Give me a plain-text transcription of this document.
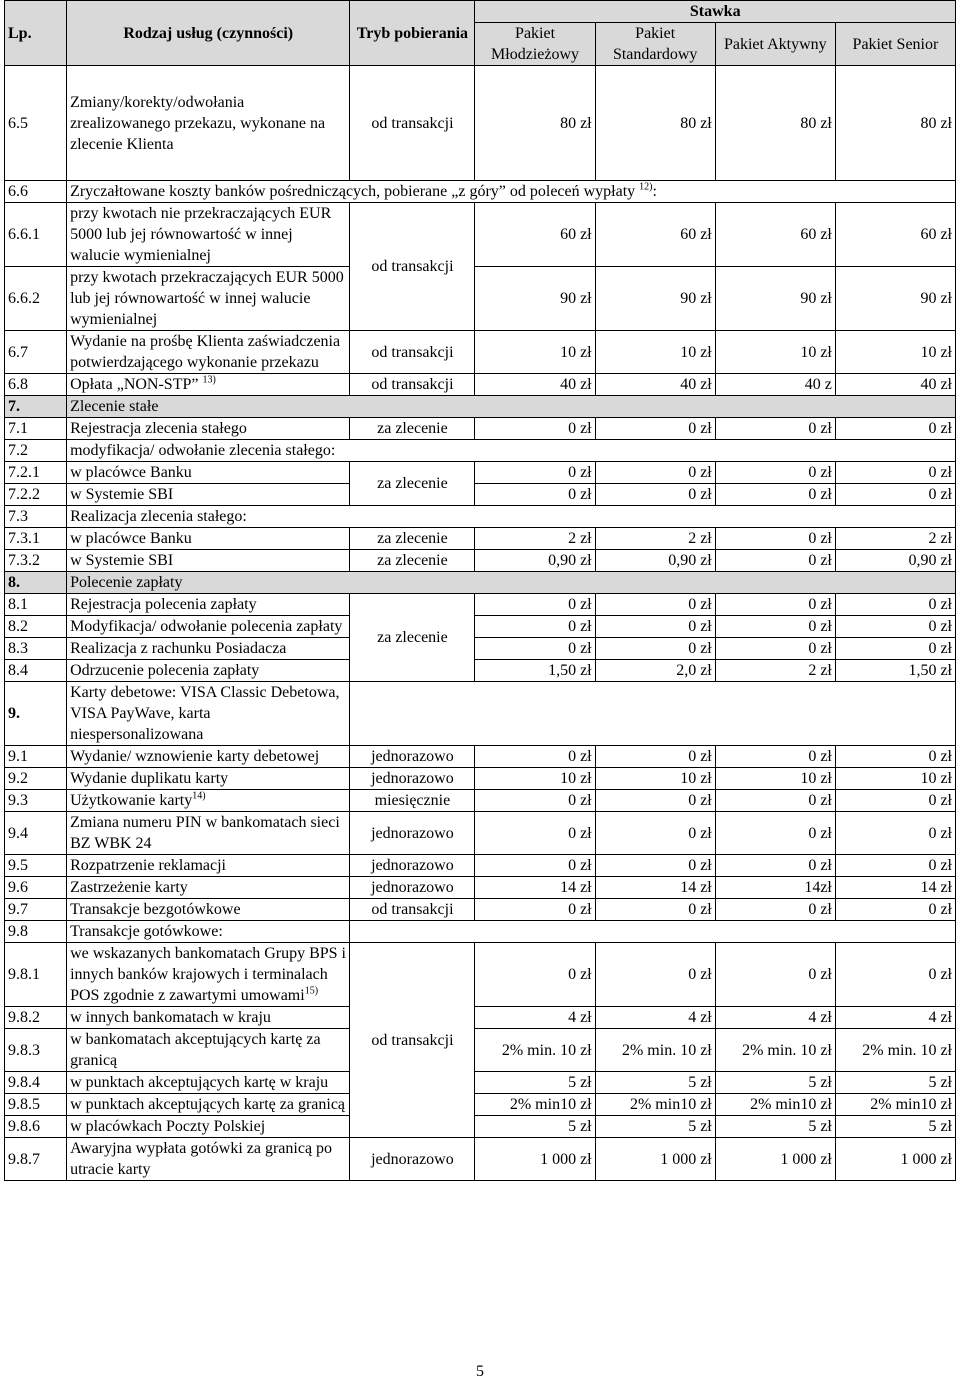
Lp.	Rodzaj usług (czynności)	Tryb pobierania	Stawka			
			Pakiet Młodzieżowy	Pakiet Standardowy	Pakiet Aktywny	Pakiet Senior
6.5	Zmiany/korekty/odwołania zrealizowanego przekazu, wykonane na zlecenie Klienta	od transakcji	80 zł	80 zł	80 zł	80 zł
6.6	Zryczałtowane koszty banków pośredniczących, pobierane „z góry” od poleceń wypłaty $^{12)}$:					
6.6.1	przy kwotach nie przekraczających EUR 5000 lub jej równowartość w innej walucie wymienialnej	od transakcji	60 zł	60 zł	60 zł	60 zł
6.6.2	przy kwotach przekraczających EUR 5000 lub jej równowartość w innej walucie wymienialnej		90 zł	90 zł	90 zł	90 zł
6.7	Wydanie na prośbę Klienta zaświadczenia potwierdzającego wykonanie przekazu	od transakcji	10 zł	10 zł	10 zł	10 zł
6.8	Opłata „NON-STP” $^{13)}$	od transakcji	40 zł	40 zł	40 z	40 zł
7.	Zlecenie stałe					
7.1	Rejestracja zlecenia stałego	za zlecenie	0 zł	0 zł	0 zł	0 zł
7.2	modyfikacja/ odwołanie zlecenia stałego:					
7.2.1	w placówce Banku	za zlecenie	0 zł	0 zł	0 zł	0 zł
7.2.2	w Systemie SBI		0 zł	0 zł	0 zł	0 zł
7.3	Realizacja zlecenia stałego:					
7.3.1	w placówce Banku	za zlecenie	2 zł	2 zł	0 zł	2 zł
7.3.2	w Systemie SBI	za zlecenie	0,90 zł	0,90 zł	0 zł	0,90 zł
8.	Polecenie zapłaty					
8.1	Rejestracja polecenia zapłaty	za zlecenie	0 zł	0 zł	0 zł	0 zł
8.2	Modyfikacja/ odwołanie polecenia zapłaty		0 zł	0 zł	0 zł	0 zł
8.3	Realizacja z rachunku Posiadacza		0 zł	0 zł	0 zł	0 zł
8.4	Odrzucenie polecenia zapłaty		1,50 zł	2,0 zł	2 zł	1,50 zł
9.	Karty debetowe: VISA Classic Debetowa, VISA PayWave, karta niespersonalizowana					
9.1	Wydanie/ wznowienie karty debetowej	jednorazowo	0 zł	0 zł	0 zł	0 zł
9.2	Wydanie duplikatu karty	jednorazowo	10 zł	10 zł	10 zł	10 zł
9.3	Użytkowanie karty$^{14)}$	miesięcznie	0 zł	0 zł	0 zł	0 zł
9.4	Zmiana numeru PIN w bankomatach sieci BZ WBK 24	jednorazowo	0 zł	0 zł	0 zł	0 zł
9.5	Rozpatrzenie reklamacji	jednorazowo	0 zł	0 zł	0 zł	0 zł
9.6	Zastrzeżenie karty	jednorazowo	14 zł	14 zł	14zł	14 zł
9.7	Transakcje bezgotówkowe	od transakcji	0 zł	0 zł	0 zł	0 zł
9.8	Transakcje gotówkowe:					
9.8.1	we wskazanych bankomatach Grupy BPS i innych banków krajowych i terminalach POS zgodnie z zawartymi umowami$^{15)}$	od transakcji	0 zł	0 zł	0 zł	0 zł
9.8.2	w innych bankomatach w kraju		4 zł	4 zł	4 zł	4 zł
9.8.3	w bankomatach akceptujących kartę za granicą		2% min. 10 zł	2% min. 10 zł	2% min. 10 zł	2% min. 10 zł
9.8.4	w punktach akceptujących kartę w kraju		5 zł	5 zł	5 zł	5 zł
9.8.5	w punktach akceptujących kartę za granicą		2% min10 zł	2% min10 zł	2% min10 zł	2% min10 zł
9.8.6	w placówkach Poczty Polskiej		5 zł	5 zł	5 zł	5 zł
9.8.7	Awaryjna wypłata gotówki za granicą po utracie karty	jednorazowo	1 000 zł	1 000 zł	1 000 zł	1 000 zł
5
